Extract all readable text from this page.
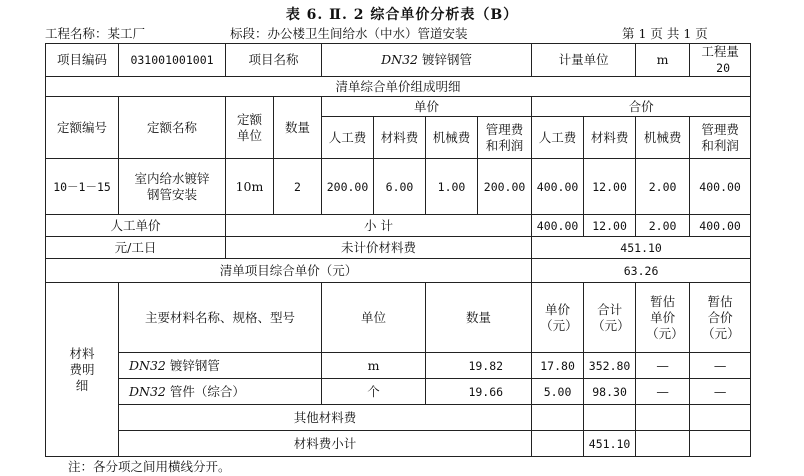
表 6. Ⅱ. 2 综合单价分析表（B）
工程名称：某工厂	标段：办公楼卫生间给水（中水）管道安装	第 1 页 共 1 页
项目编码	031001001001	项目名称		DN32 镀锌钢管				计量单位		m	工程量 20
清单综合单价组成明细											
定额编号	定额名称	定额单位	数量	单价				合价			
				人工费	材料费	机械费	管理费和利润	人工费	材料费	机械费	管理费和利润
10－1－15	室内给水镀锌钢管安装	10m	2	200.00	6.00	1.00	200.00	400.00	12.00	2.00	400.00
人工单价		小 计						400.00	12.00	2.00	400.00
元/工日		未计价材料费						451.10			
清单项目综合单价（元）								63.26			
材料费明细	主要材料名称、规格、型号			单位		数量		单价（元）	合计（元）	暂估单价（元）	暂估合价（元）
	DN32 镀锌钢管			m		19.82		17.80	352.80	—	—
	DN32 管件（综合）			个		19.66		5.00	98.30	—	—
	其他材料费										
	材料费小计								451.10		
注：各分项之间用横线分开。
